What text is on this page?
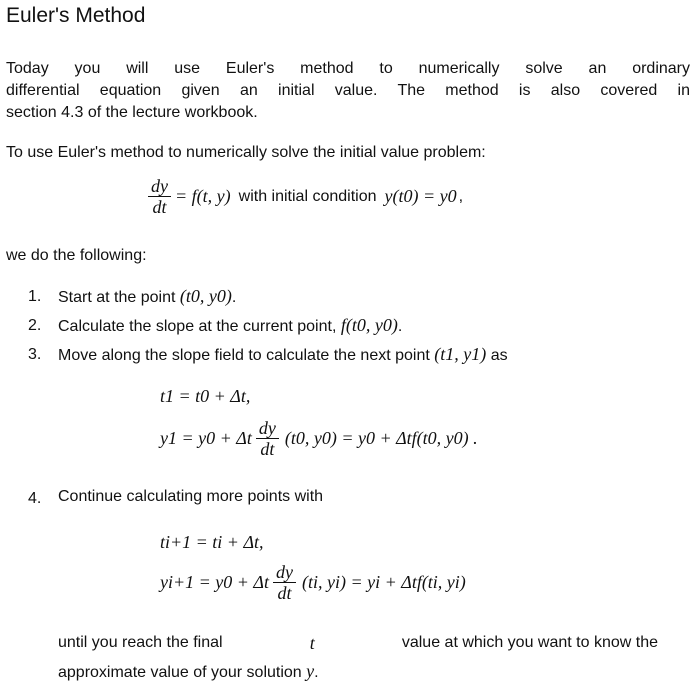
Euler's Method
Today you will use Euler's method to numerically solve an ordinary
differential equation given an initial value. The method is also covered in
section 4.3 of the lecture workbook.
To use Euler's method to numerically solve the initial value problem:
$\frac{dy}{dt} = f(t$, y) with initial condition y(t0) = y0 ,
we do the following:
1. Start at the point (t0, y0).
2. Calculate the slope at the current point, f(t0, y0).
3. Move along the slope field to calculate the next point (t1, y1) as
t1 = t0 + Δt,
y1 = y0 + Δt $\frac{dy}{dt} (t0$, y0) = y0 + Δtf(t0, y0) .
4. Continue calculating more points with
ti+1 = ti + Δt,
yi+1 = y0 + Δt $\frac{dy}{dt} (ti$, yi) = yi + Δtf(ti, yi)
until you reach the final	t	value at which you want to know the
approximate value of your solution y.
